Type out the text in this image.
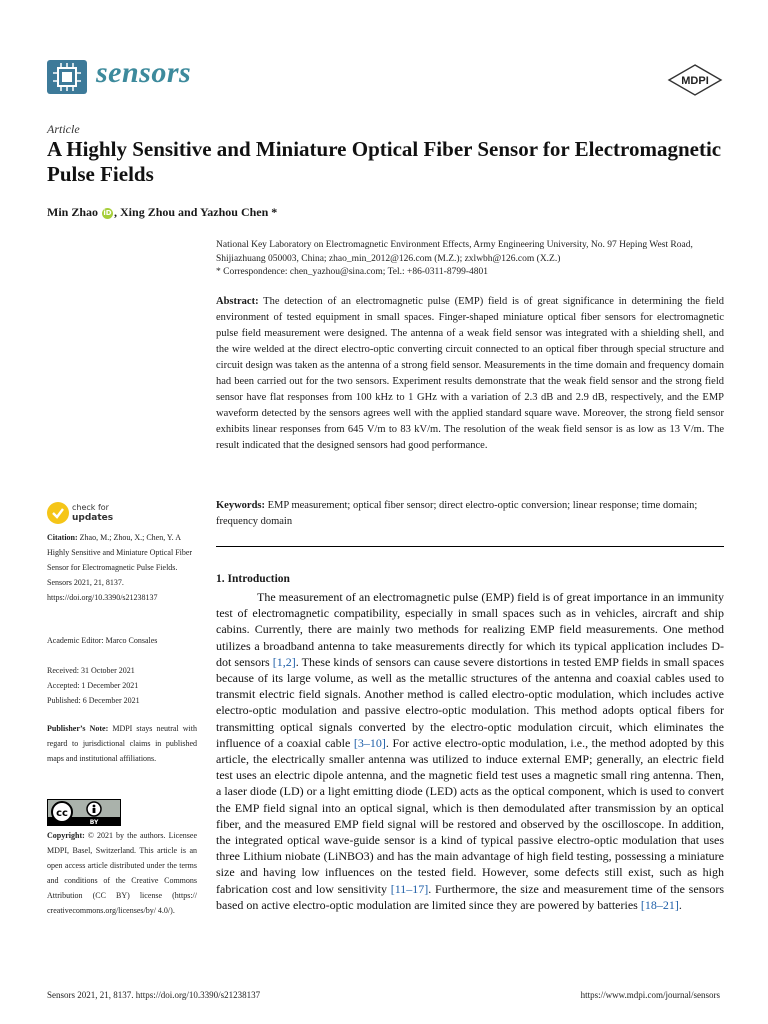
sensors	MDPI
Article
A Highly Sensitive and Miniature Optical Fiber Sensor for Electromagnetic Pulse Fields
Min Zhao iD , Xing Zhou and Yazhou Chen *
National Key Laboratory on Electromagnetic Environment Effects, Army Engineering University, No. 97 Heping West Road, Shijiazhuang 050003, China; zhao_min_2012@126.com (M.Z.); zxlwbh@126.com (X.Z.)
* Correspondence: chen_yazhou@sina.com; Tel.: +86-0311-8799-4801
Abstract: The detection of an electromagnetic pulse (EMP) field is of great significance in determining the field environment of tested equipment in small spaces. Finger-shaped miniature optical fiber sensors for electromagnetic pulse field measurement were designed. The antenna of a weak field sensor was integrated with a shielding shell, and the wire welded at the direct electro-optic converting circuit connected to an optical fiber through special structure and circuit design was taken as the antenna of a strong field sensor. Measurements in the time domain and frequency domain had been carried out for the two sensors. Experiment results demonstrate that the weak field sensor and the strong field sensor have flat responses from 100 kHz to 1 GHz with a variation of 2.3 dB and 2.9 dB, respectively, and the EMP waveform detected by the sensors agrees well with the applied standard square wave. Moreover, the strong field sensor exhibits linear responses from 645 V/m to 83 kV/m. The resolution of the weak field sensor is as low as 13 V/m. The result indicated that the designed sensors had good performance.
Keywords: EMP measurement; optical fiber sensor; direct electro-optic conversion; linear response; time domain; frequency domain
check for
updates
Citation: Zhao, M.; Zhou, X.; Chen, Y. A Highly Sensitive and Miniature Optical Fiber Sensor for Electromagnetic Pulse Fields. Sensors 2021, 21, 8137. https://doi.org/10.3390/s21238137
Academic Editor: Marco Consales
Received: 31 October 2021
Accepted: 1 December 2021
Published: 6 December 2021
Publisher’s Note: MDPI stays neutral with regard to jurisdictional claims in published maps and institutional affiliations.
cc
BY
Copyright: © 2021 by the authors. Licensee MDPI, Basel, Switzerland. This article is an open access article distributed under the terms and conditions of the Creative Commons Attribution (CC BY) license (https:// creativecommons.org/licenses/by/ 4.0/).
1. Introduction
The measurement of an electromagnetic pulse (EMP) field is of great importance in an immunity test of electromagnetic compatibility, especially in small spaces such as in vehicles, aircraft and ship cabins. Currently, there are mainly two methods for realizing EMP field measurements. One method utilizes a broadband antenna to take measurements directly for which its typical application includes D-dot sensors [1,2]. These kinds of sensors can cause severe distortions in tested EMP fields in small spaces because of its large volume, as well as the metallic structures of the antenna and coaxial cables used to transmit electric field signals. Another method is called electro-optic modulation, which includes active electro-optic modulation and passive electro-optic modulation. This method adopts optical fibers for transmitting optical signals converted by the electro-optic modulation circuit, which eliminates the influence of a coaxial cable [3–10]. For active electro-optic modulation, i.e., the method adopted by this article, the electrically smaller antenna was utilized to induce external EMP; generally, an electric field test uses an electric dipole antenna, and the magnetic field test uses a magnetic small ring antenna. Then, a laser diode (LD) or a light emitting diode (LED) acts as the optical component, which is used to convert the EMP field signal into an optical signal, which is then demodulated after transmission by an optical fiber, and the measured EMP field signal will be restored and observed by the oscilloscope. In addition, the integrated optical wave-guide sensor is a kind of typical passive electro-optic modulation that uses three Lithium niobate (LiNBO3) and has the main advantage of high field testing, possessing a miniature size and having low influences on the tested field. However, some defects still exist, such as high fabrication cost and low sensitivity [11–17]. Furthermore, the size and measurement time of the sensors based on active electro-optic modulation are limited since they are powered by batteries [18–21].
Sensors 2021, 21, 8137. https://doi.org/10.3390/s21238137	https://www.mdpi.com/journal/sensors
